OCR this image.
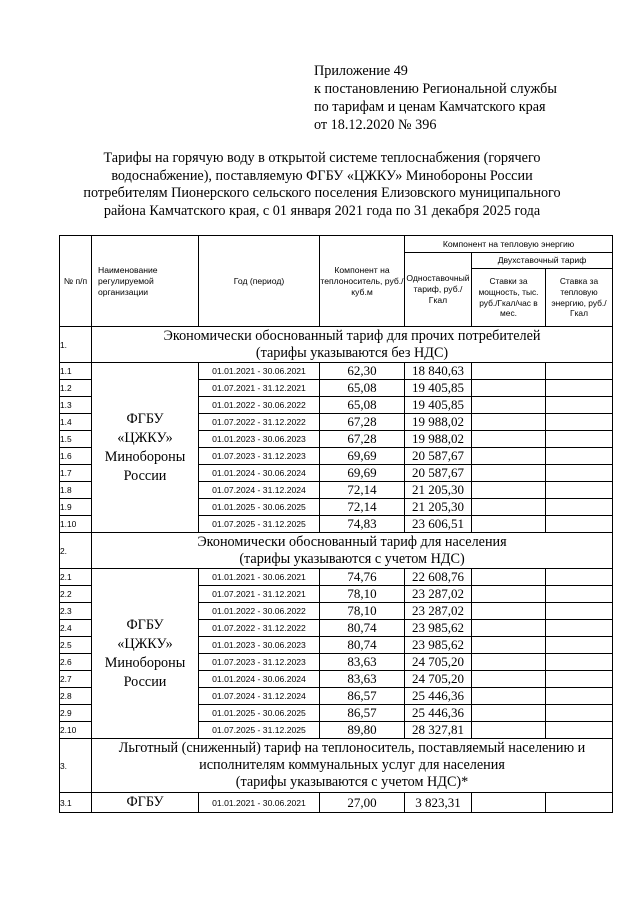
Приложение 49
к постановлению Региональной службы
по тарифам и ценам Камчатского края
от 18.12.2020 № 396
Тарифы на горячую воду в открытой системе теплоснабжения (горячего
водоснабжение), поставляемую ФГБУ «ЦЖКУ» Минобороны России
потребителям Пионерского сельского поселения Елизовского муниципального
района Камчатского края, с 01 января 2021 года по 31 декабря 2025 года
№ п/п	Наименование регулируемой организации	Год (период)	Компонент на теплоноситель, руб./куб.м	Компонент на тепловую энергию		
				Одноставочный тариф, руб./Гкал	Двухставочный тариф	
					Ставки за мощность, тыс. руб./Гкал/час в мес.	Ставка за тепловую энергию, руб./Гкал
1.	Экономически обоснованный тариф для прочих потребителей
(тарифы указываются без НДС)					
1.1	ФГБУ
«ЦЖКУ»
Минобороны
России	01.01.2021 - 30.06.2021	62,30	18 840,63		
1.2		01.07.2021 - 31.12.2021	65,08	19 405,85		
1.3		01.01.2022 - 30.06.2022	65,08	19 405,85		
1.4		01.07.2022 - 31.12.2022	67,28	19 988,02		
1.5		01.01.2023 - 30.06.2023	67,28	19 988,02		
1.6		01.07.2023 - 31.12.2023	69,69	20 587,67		
1.7		01.01.2024 - 30.06.2024	69,69	20 587,67		
1.8		01.07.2024 - 31.12.2024	72,14	21 205,30		
1.9		01.01.2025 - 30.06.2025	72,14	21 205,30		
1.10		01.07.2025 - 31.12.2025	74,83	23 606,51		
2.	Экономически обоснованный тариф для населения
(тарифы указываются с учетом НДС)					
2.1	ФГБУ
«ЦЖКУ»
Минобороны
России	01.01.2021 - 30.06.2021	74,76	22 608,76		
2.2		01.07.2021 - 31.12.2021	78,10	23 287,02		
2.3		01.01.2022 - 30.06.2022	78,10	23 287,02		
2.4		01.07.2022 - 31.12.2022	80,74	23 985,62		
2.5		01.01.2023 - 30.06.2023	80,74	23 985,62		
2.6		01.07.2023 - 31.12.2023	83,63	24 705,20		
2.7		01.01.2024 - 30.06.2024	83,63	24 705,20		
2.8		01.07.2024 - 31.12.2024	86,57	25 446,36		
2.9		01.01.2025 - 30.06.2025	86,57	25 446,36		
2.10		01.07.2025 - 31.12.2025	89,80	28 327,81		
3.	Льготный (сниженный) тариф на теплоноситель, поставляемый населению и
исполнителям коммунальных услуг для населения
(тарифы указываются с учетом НДС)*					
3.1	ФГБУ	01.01.2021 - 30.06.2021	27,00	3 823,31		
